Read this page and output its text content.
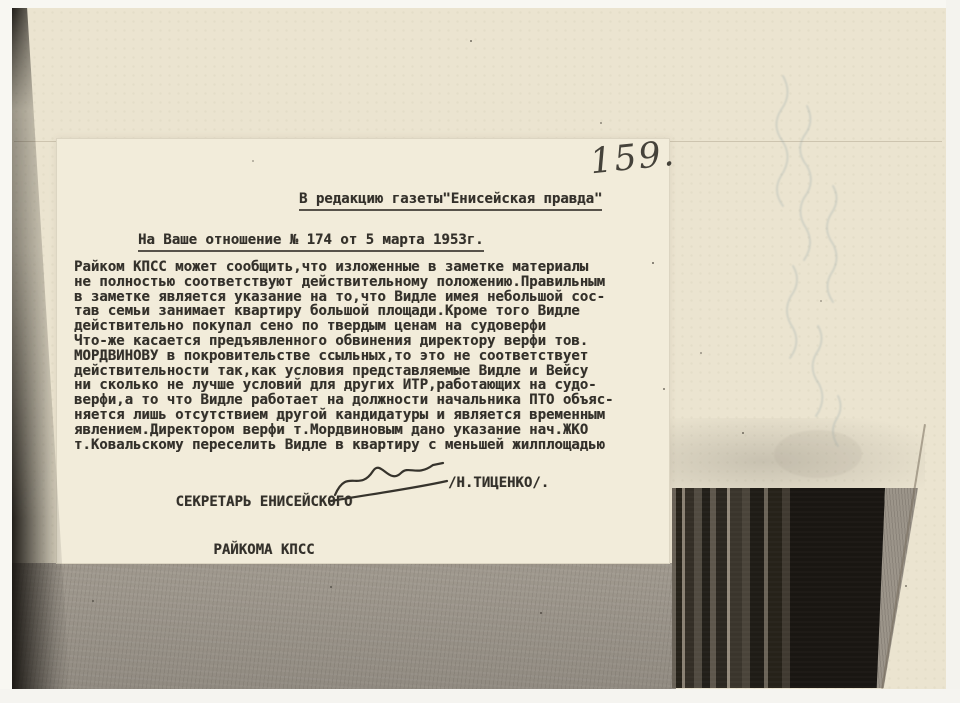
В редакцию газеты"Енисейская правда"
На Ваше отношение № 174 от 5 марта 1953г.
Райком КПСС может сообщить,что изложенные в заметке материалы
не полностью соответствуют действительному положению.Правильным
в заметке является указание на то,что Видле имея небольшой сос-
тав семьи занимает квартиру большой площади.Кроме того Видле
действительно покупал сено по твердым ценам на судоверфи
Что-же касается предъявленного обвинения директору верфи тов.
МОРДВИНОВУ в покровительстве ссыльных,то это не соответствует
действительности так,как условия представляемые Видле и Вейсу
ни сколько не лучше условий для других ИТР,работающих на судо-
верфи,а то что Видле работает на должности начальника ПТО объяс-
няется лишь отсутствием другой кандидатуры и является временным
явлением.Директором верфи т.Мордвиновым дано указание нач.ЖКО
т.Ковальскому переселить Видле в квартиру с меньшей жилплощадью

СЕКРЕТАРЬ ЕНИСЕЙСКОГО

РАЙКОМА КПСС

/Н.ТИЦЕНКО/.
159.
